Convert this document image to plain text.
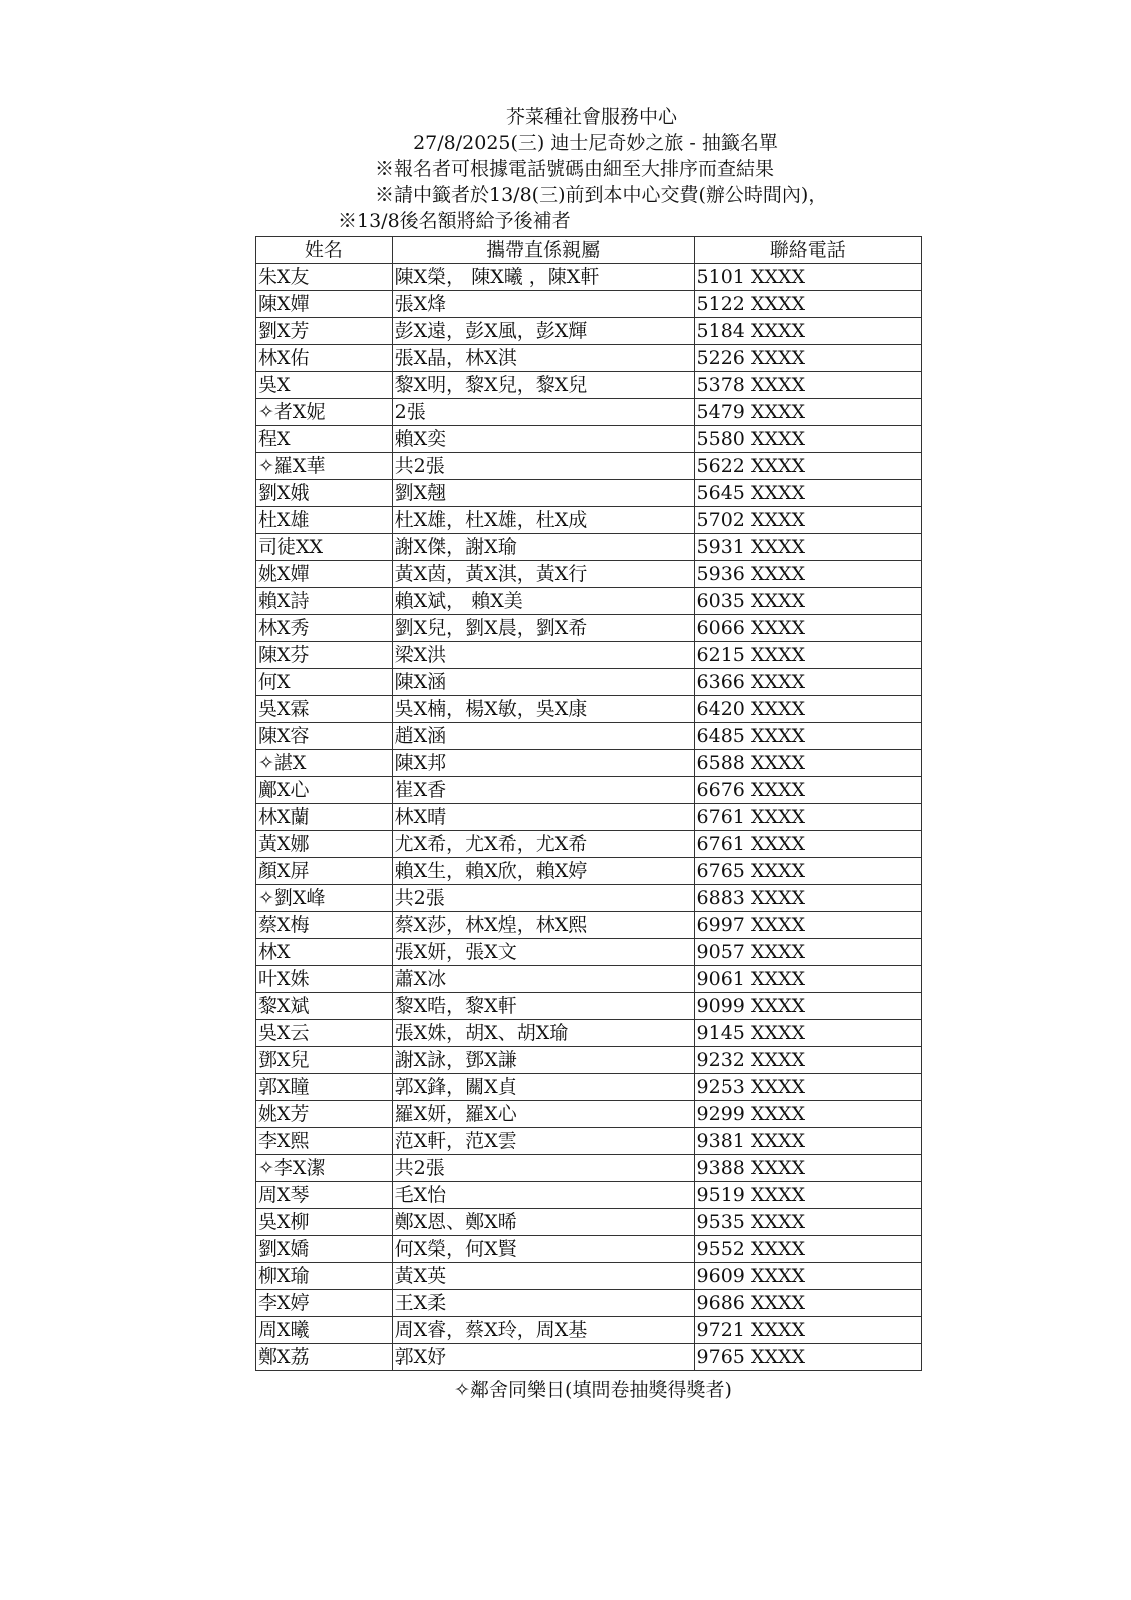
芥菜種社會服務中心
27/8/2025(三) 迪士尼奇妙之旅 - 抽籤名單
※報名者可根據電話號碼由細至大排序而查結果
※請中籤者於13/8(三)前到本中心交費(辦公時間內)，
※13/8後名額將給予後補者
姓名	攜帶直係親屬	聯絡電話
朱X友	陳X榮， 陳X曦 ，陳X軒	5101 XXXX
陳X嬋	張X烽	5122 XXXX
劉X芳	彭X遠，彭X風，彭X輝	5184 XXXX
林X佑	張X晶，林X淇	5226 XXXX
吳X	黎X明，黎X兒，黎X兒	5378 XXXX
✧者X妮	2張	5479 XXXX
程X	賴X奕	5580 XXXX
✧羅X華	共2張	5622 XXXX
劉X娥	劉X翹	5645 XXXX
杜X雄	杜X雄，杜X雄，杜X成	5702 XXXX
司徒XX	謝X傑，謝X瑜	5931 XXXX
姚X嬋	黃X茵，黃X淇，黃X行	5936 XXXX
賴X詩	賴X斌， 賴X美	6035 XXXX
林X秀	劉X兒，劉X晨，劉X希	6066 XXXX
陳X芬	梁X洪	6215 XXXX
何X	陳X涵	6366 XXXX
吳X霖	吳X楠，楊X敏，吳X康	6420 XXXX
陳X容	趙X涵	6485 XXXX
✧諶X	陳X邦	6588 XXXX
鄺X心	崔X香	6676 XXXX
林X蘭	林X晴	6761 XXXX
黃X娜	尤X希，尤X希，尤X希	6761 XXXX
顏X屏	賴X生，賴X欣，賴X婷	6765 XXXX
✧劉X峰	共2張	6883 XXXX
蔡X梅	蔡X莎，林X煌，林X熙	6997 XXXX
林X	張X妍，張X文	9057 XXXX
叶X姝	蕭X冰	9061 XXXX
黎X斌	黎X晧，黎X軒	9099 XXXX
吳X云	張X姝，胡X、胡X瑜	9145 XXXX
鄧X兒	謝X詠，鄧X謙	9232 XXXX
郭X瞳	郭X鋒，關X貞	9253 XXXX
姚X芳	羅X妍，羅X心	9299 XXXX
李X熙	范X軒，范X雲	9381 XXXX
✧李X潔	共2張	9388 XXXX
周X琴	毛X怡	9519 XXXX
吳X柳	鄭X恩、鄭X晞	9535 XXXX
劉X嬌	何X榮，何X賢	9552 XXXX
柳X瑜	黃X英	9609 XXXX
李X婷	王X柔	9686 XXXX
周X曦	周X睿，蔡X玲，周X基	9721 XXXX
鄭X荔	郭X妤	9765 XXXX
✧鄰舍同樂日(填問卷抽獎得獎者)
